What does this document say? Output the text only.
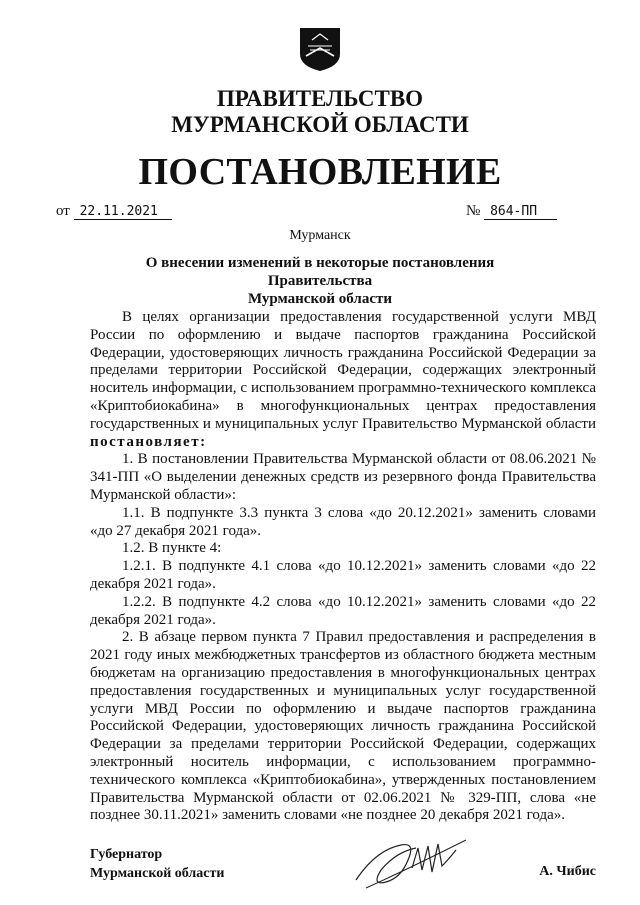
ПРАВИТЕЛЬСТВО
МУРМАНСКОЙ ОБЛАСТИ
ПОСТАНОВЛЕНИЕ
от 22.11.2021	№ 864-ПП
Мурманск
О внесении изменений в некоторые постановления Правительства
Мурманской области

В целях организации предоставления государственной услуги МВД России по оформлению и выдаче паспортов гражданина Российской Федерации, удостоверяющих личность гражданина Российской Федерации за пределами территории Российской Федерации, содержащих электронный носитель информации, с использованием программно-технического комплекса «Криптобиокабина» в многофункциональных центрах предоставления государственных и муниципальных услуг Правительство Мурманской области постановляет:

1. В постановлении Правительства Мурманской области от 08.06.2021 № 341-ПП «О выделении денежных средств из резервного фонда Правительства Мурманской области»:

1.1. В подпункте 3.3 пункта 3 слова «до 20.12.2021» заменить словами «до 27 декабря 2021 года».

1.2. В пункте 4:

1.2.1. В подпункте 4.1 слова «до 10.12.2021» заменить словами «до 22 декабря 2021 года».

1.2.2. В подпункте 4.2 слова «до 10.12.2021» заменить словами «до 22 декабря 2021 года».

2. В абзаце первом пункта 7 Правил предоставления и распределения в 2021 году иных межбюджетных трансфертов из областного бюджета местным бюджетам на организацию предоставления в многофункциональных центрах предоставления государственных и муниципальных услуг государственной услуги МВД России по оформлению и выдаче паспортов гражданина Российской Федерации, удостоверяющих личность гражданина Российской Федерации за пределами территории Российской Федерации, содержащих электронный носитель информации, с использованием программно-технического комплекса «Криптобиокабина», утвержденных постановлением Правительства Мурманской области от 02.06.2021 № 329-ПП, слова «не позднее 30.11.2021» заменить словами «не позднее 20 декабря 2021 года».

Губернатор
Мурманской области	А. Чибис
